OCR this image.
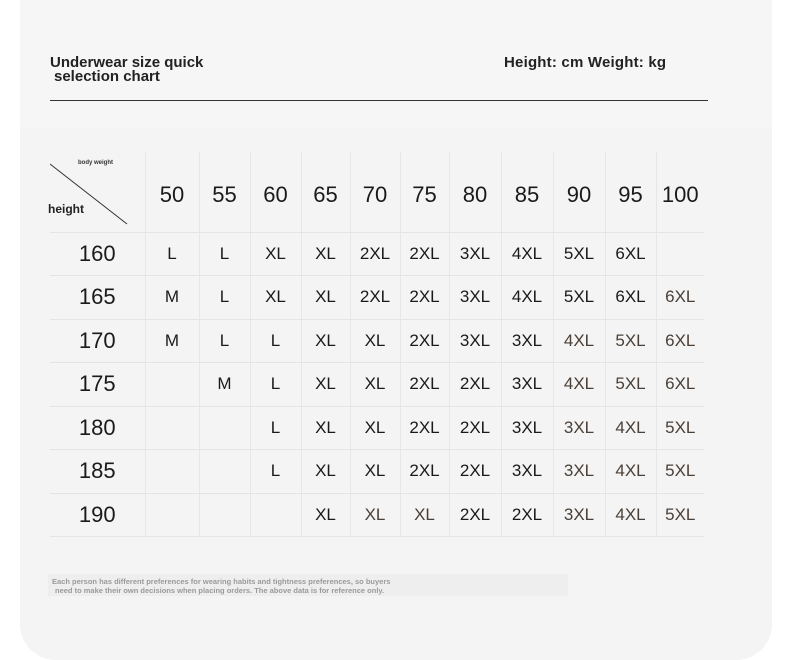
Underwear size quick
selection chart
Height: cm Weight: kg
body weight
height	50	55	60	65	70	75	80	85	90	95	100
160	L	L	XL	XL	2XL	2XL	3XL	4XL	5XL	6XL	
165	M	L	XL	XL	2XL	2XL	3XL	4XL	5XL	6XL	6XL
170	M	L	L	XL	XL	2XL	3XL	3XL	4XL	5XL	6XL
175		M	L	XL	XL	2XL	2XL	3XL	4XL	5XL	6XL
180			L	XL	XL	2XL	2XL	3XL	3XL	4XL	5XL
185			L	XL	XL	2XL	2XL	3XL	3XL	4XL	5XL
190				XL	XL	XL	2XL	2XL	3XL	4XL	5XL
Each person has different preferences for wearing habits and tightness preferences, so buyers
need to make their own decisions when placing orders. The above data is for reference only.
